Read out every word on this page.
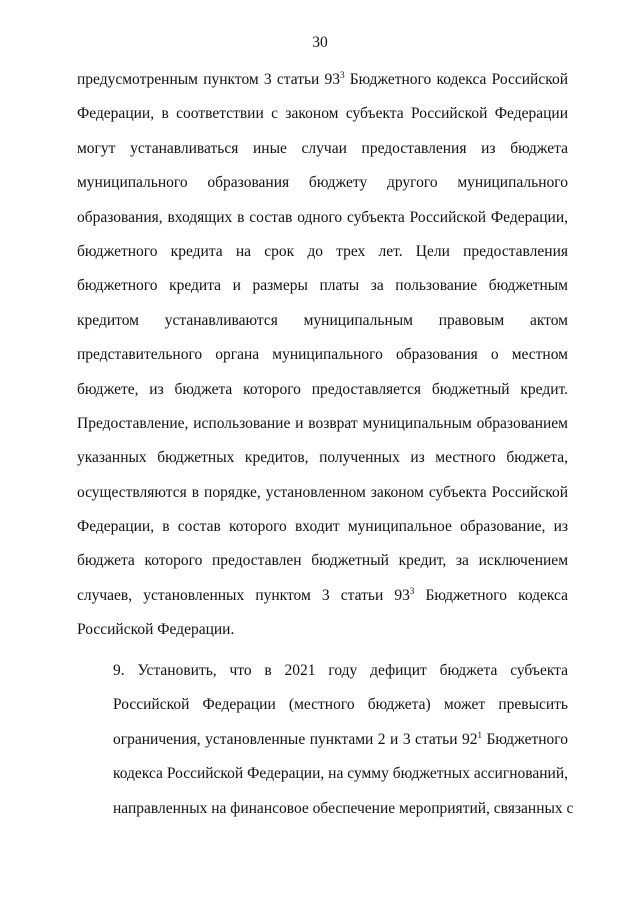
30
предусмотренным пунктом 3 статьи $93^3$ Бюджетного кодекса Российской
Федерации, в соответствии с законом субъекта Российской Федерации
могут устанавливаться иные случаи предоставления из бюджета
муниципального образования бюджету другого муниципального
образования, входящих в состав одного субъекта Российской Федерации,
бюджетного кредита на срок до трех лет. Цели предоставления
бюджетного кредита и размеры платы за пользование бюджетным
кредитом устанавливаются муниципальным правовым актом
представительного органа муниципального образования о местном
бюджете, из бюджета которого предоставляется бюджетный кредит.
Предоставление, использование и возврат муниципальным образованием
указанных бюджетных кредитов, полученных из местного бюджета,
осуществляются в порядке, установленном законом субъекта Российской
Федерации, в состав которого входит муниципальное образование, из
бюджета которого предоставлен бюджетный кредит, за исключением
случаев, установленных пунктом 3 статьи $93^3$ Бюджетного кодекса
Российской Федерации.
9. Установить, что в 2021 году дефицит бюджета субъекта
Российской Федерации (местного бюджета) может превысить
ограничения, установленные пунктами 2 и 3 статьи $92^1$ Бюджетного
кодекса Российской Федерации, на сумму бюджетных ассигнований,
направленных на финансовое обеспечение мероприятий, связанных с
